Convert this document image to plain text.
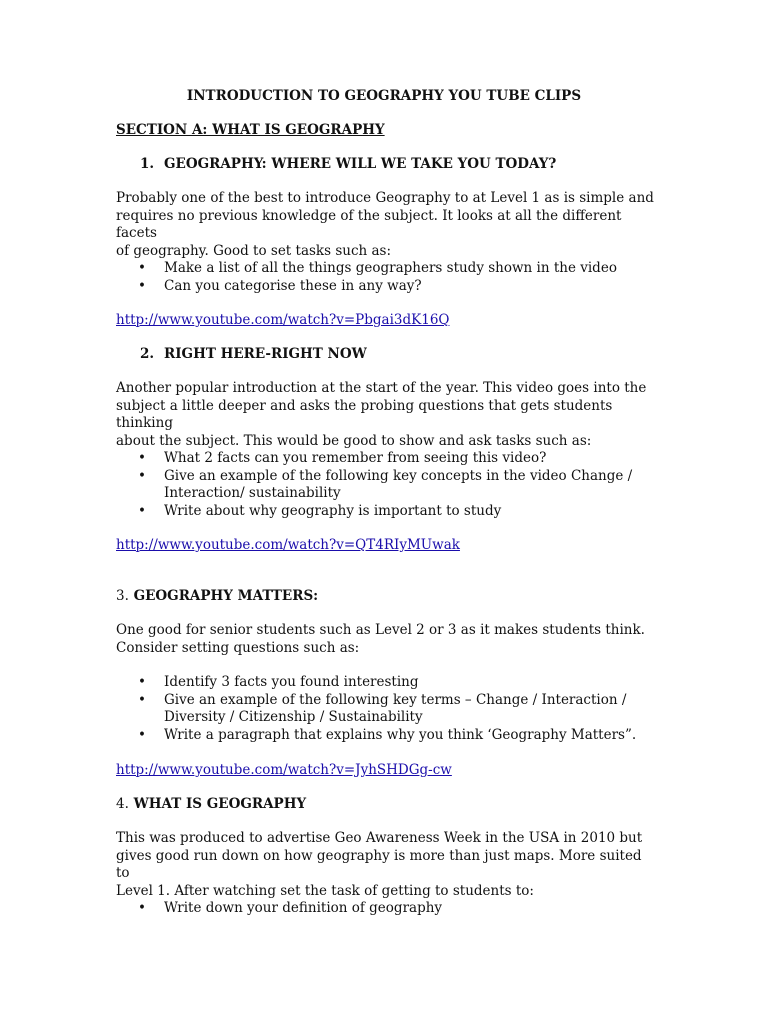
INTRODUCTION TO GEOGRAPHY YOU TUBE CLIPS

SECTION A: WHAT IS GEOGRAPHY

1. GEOGRAPHY: WHERE WILL WE TAKE YOU TODAY?

Probably one of the best to introduce Geography to at Level 1 as is simple and
requires no previous knowledge of the subject. It looks at all the different facets
of geography. Good to set tasks such as:

• Make a list of all the things geographers study shown in the video
• Can you categorise these in any way?

http://www.youtube.com/watch?v=Pbgai3dK16Q

2. RIGHT HERE-RIGHT NOW

Another popular introduction at the start of the year. This video goes into the
subject a little deeper and asks the probing questions that gets students thinking
about the subject. This would be good to show and ask tasks such as:

• What 2 facts can you remember from seeing this video?
• Give an example of the following key concepts in the video Change /
Interaction/ sustainability
• Write about why geography is important to study

http://www.youtube.com/watch?v=QT4RIyMUwak

3. GEOGRAPHY MATTERS:

One good for senior students such as Level 2 or 3 as it makes students think.
Consider setting questions such as:

• Identify 3 facts you found interesting
• Give an example of the following key terms – Change / Interaction /
Diversity / Citizenship / Sustainability
• Write a paragraph that explains why you think ‘Geography Matters”.

http://www.youtube.com/watch?v=JyhSHDGg-cw

4. WHAT IS GEOGRAPHY

This was produced to advertise Geo Awareness Week in the USA in 2010 but
gives good run down on how geography is more than just maps. More suited to
Level 1. After watching set the task of getting to students to:

• Write down your definition of geography
